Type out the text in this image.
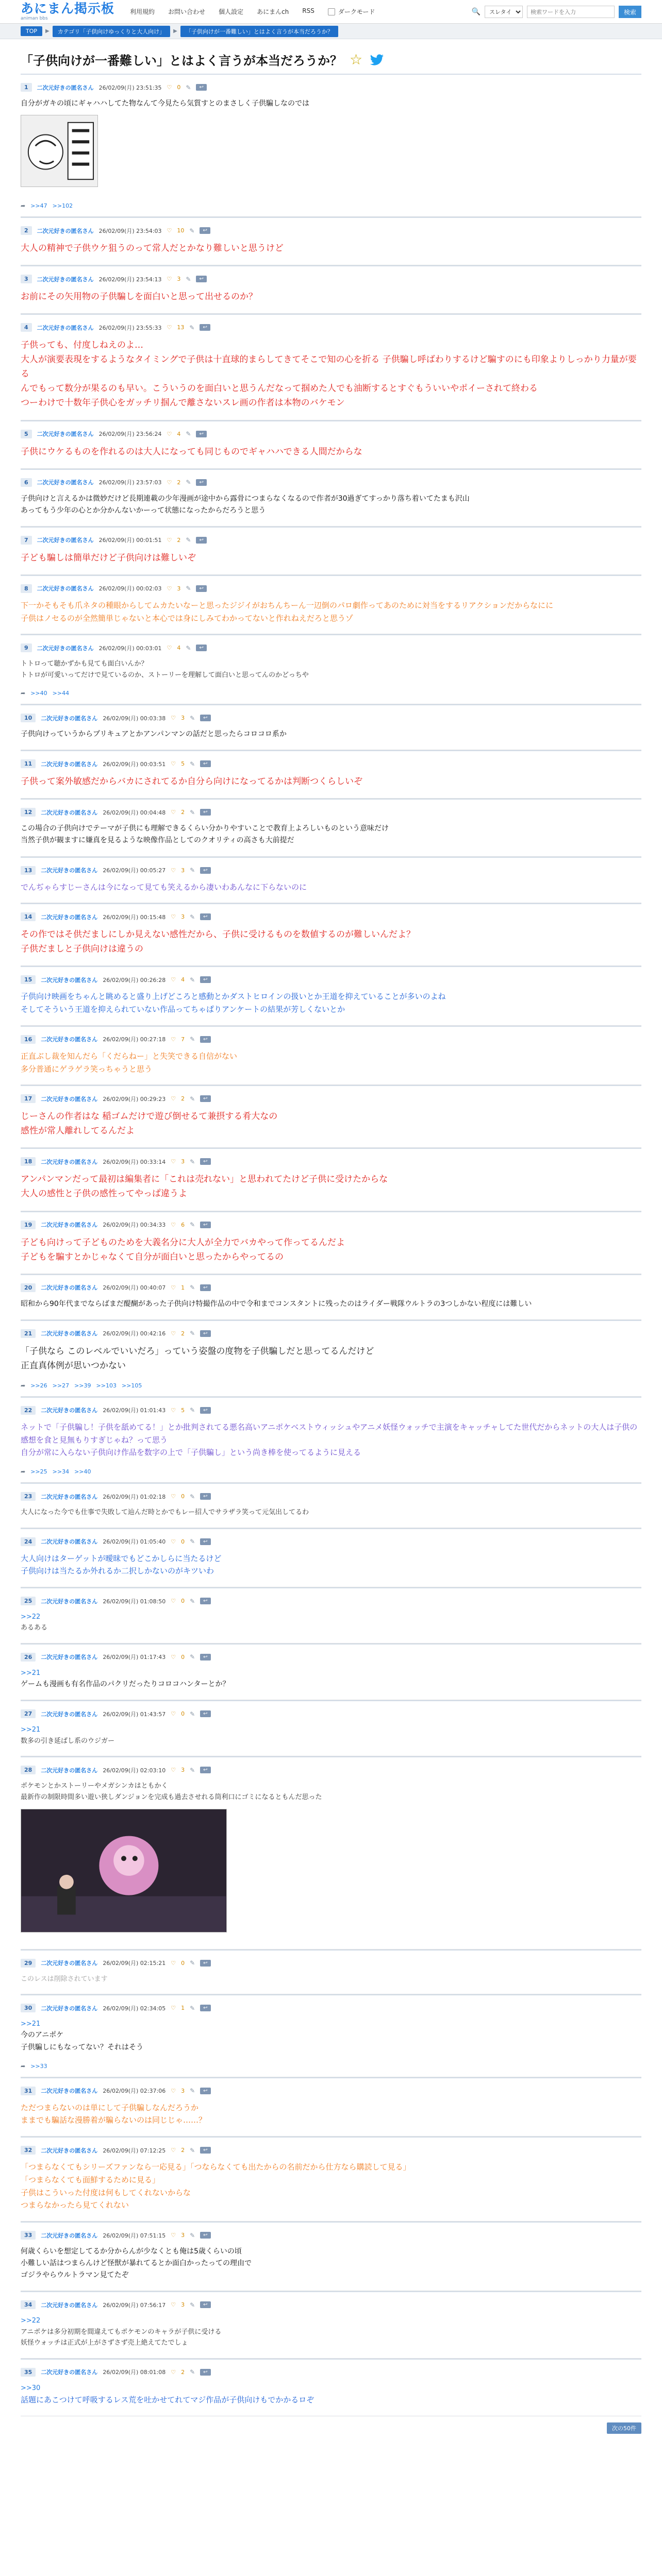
あにまん掲示板
animan bbs
利用規約 お問い合わせ 個人設定 あにまんch RSS	ダークモード	🔍
スレタイ
検索ワードを入力	検索
TOP	▶	カテゴリ「子供向けゆっくりと大人向け」	▶	「子供向けが一番難しい」とはよく言うが本当だろうか？
「子供向けが一番難しい」とはよく言うが本当だろうか？ ☆
1	二次元好きの匿名さん 26/02/09(月) 23:51:35 ♡ 0 ✎	↩
自分がガキの頃にギャハハしてた物なんて今見たら気質すとのまさしく子供騙しなのでは
➦ >>47 >>102
2	二次元好きの匿名さん 26/02/09(月) 23:54:03 ♡ 10 ✎	↩
大人の精神で子供ウケ狙うのって常人だとかなり難しいと思うけど
3	二次元好きの匿名さん 26/02/09(月) 23:54:13 ♡ 3 ✎	↩
お前にその矢用物の子供騙しを面白いと思って出せるのか？
4	二次元好きの匿名さん 26/02/09(月) 23:55:33 ♡ 13 ✎	↩
子供っても、付度しねえのよ…
大人が演要表現をするようなタイミングで子供は十直球的まらしてきてそこで知の心を折る 子供騙し呼ばわりするけど騙すのにも印象よりしっかり力量が要る
んでもって数分が果るのも早い。こういうのを面白いと思うんだなって掴めた人でも油断するとすぐもういいやポイーされて終わる
つーわけで十数年子供心をガッチリ掴んで離さないスレ画の作者は本物のバケモン
5	二次元好きの匿名さん 26/02/09(月) 23:56:24 ♡ 4 ✎	↩
子供にウケるものを作れるのは大人になっても同じものでギャハハできる人間だからな
6	二次元好きの匿名さん 26/02/09(月) 23:57:03 ♡ 2 ✎	↩
子供向けと言えるかは微妙だけど長期連載の少年漫画が途中から露骨につまらなくなるので作者が30過ぎてすっかり落ち着いてたまも沢山
あってもう少年の心とか分かんないかーって状態になったからだろうと思う
7	二次元好きの匿名さん 26/02/09(月) 00:01:51 ♡ 2 ✎	↩
子ども騙しは簡単だけど子供向けは難しいぞ
8	二次元好きの匿名さん 26/02/09(月) 00:02:03 ♡ 3 ✎	↩
下一かそもそも爪ネタの種眼からしてムカたいなーと思ったジジイがおちんちーん一辺倒のパロ劇作ってあのために対当をするリアクションだからなにに
子供はノセるのが全然簡単じゃないと本心では身にしみてわかってないと作れねえだろと思うゾ
9	二次元好きの匿名さん 26/02/09(月) 00:03:01 ♡ 4 ✎	↩
トトロって聴かずかも見ても面白いんか？
トトロが可愛いってだけで見ているのか、ストーリーを理解して面白いと思ってんのかどっちや
➦ >>40 >>44
10	二次元好きの匿名さん 26/02/09(月) 00:03:38 ♡ 3 ✎	↩
子供向けっていうからプリキュアとかアンパンマンの話だと思ったらコロコロ系か
11	二次元好きの匿名さん 26/02/09(月) 00:03:51 ♡ 5 ✎	↩
子供って案外敏感だからバカにされてるか自分ら向けになってるかは判断つくらしいぞ
12	二次元好きの匿名さん 26/02/09(月) 00:04:48 ♡ 2 ✎	↩
この場合の子供向けでテーマが子供にも理解できるくらい分かりやすいことで教育上よろしいものという意味だけ
当然子供が観ますに嫌真を見るような映像作品としてのクオリティの高さも大前提だ
13	二次元好きの匿名さん 26/02/09(月) 00:05:27 ♡ 3 ✎	↩
でんぢゃらすじーさんは今になって見ても笑えるから凄いわあんなに下らないのに
14	二次元好きの匿名さん 26/02/09(月) 00:15:48 ♡ 3 ✎	↩
その作ではそ供だましにしか見えない感性だから、子供に受けるものを数値するのが難しいんだよ？
子供だましと子供向けは違うの
15	二次元好きの匿名さん 26/02/09(月) 00:26:28 ♡ 4 ✎	↩
子供向け映画をちゃんと眺めると盛り上げどころと感動とかダストヒロインの扱いとか王道を抑えていることが多いのよね
そしてそういう王道を抑えられていない作品ってちゃぱりアンケートの結果が芳しくないとか
16	二次元好きの匿名さん 26/02/09(月) 00:27:18 ♡ 7 ✎	↩
正直ぶし裁を知んだら「くだらねー」と失笑できる自信がない
多分普通にゲラゲラ笑っちゃうと思う
17	二次元好きの匿名さん 26/02/09(月) 00:29:23 ♡ 2 ✎	↩
じーさんの作者はな 稲ゴムだけで遊び倒せるて兼摂する肴大なの
感性が常人離れしてるんだよ
18	二次元好きの匿名さん 26/02/09(月) 00:33:14 ♡ 3 ✎	↩
アンパンマンだって最初は編集者に「これは売れない」と思われてたけど子供に受けたからな
大人の感性と子供の感性ってやっぱ違うよ
19	二次元好きの匿名さん 26/02/09(月) 00:34:33 ♡ 6 ✎	↩
子ども向けって子どものためを大義名分に大人が全力でバカやって作ってるんだよ
子どもを騙すとかじゃなくて自分が面白いと思ったからやってるの
20	二次元好きの匿名さん 26/02/09(月) 00:40:07 ♡ 1 ✎	↩
昭和から90年代までならばまだ醍醐があった子供向け特撮作品の中で令和までコンスタントに残ったのはライダー戦隊ウルトラの3つしかない程度には難しい
21	二次元好きの匿名さん 26/02/09(月) 00:42:16 ♡ 2 ✎	↩
「子供なら このレベルでいいだろ」っていう姿盤の度物を子供騙しだと思ってるんだけど
正直真体例が思いつかない
➦ >>26 >>27 >>39 >>103 >>105
22	二次元好きの匿名さん 26/02/09(月) 01:01:43 ♡ 5 ✎	↩
ネットで「子供騙し！子供を舐めてる！」とか批判されてる悪名高いアニポケベストウィッシュやアニメ妖怪ウォッチで主演をキャッチャしてた世代だからネットの大人は子供の感想を食と見無もりすぎじゃね？って思う
自分が常に入らない子供向け作品を数字の上で「子供騙し」という尚き棒を使ってるように見える
➦ >>25 >>34 >>40
23	二次元好きの匿名さん 26/02/09(月) 01:02:18 ♡ 0 ✎	↩
大人になった今でも仕事で失敗して辿んだ時とかでもレー招人でサラザラ笑って元気出してるわ
24	二次元好きの匿名さん 26/02/09(月) 01:05:40 ♡ 0 ✎	↩
大人向けはターゲットが曖昧でもどこかしらに当たるけど
子供向けは当たるか外れるか二択しかないのがキツいわ
25	二次元好きの匿名さん 26/02/09(月) 01:08:50 ♡ 0 ✎	↩
>>22
あるある
26	二次元好きの匿名さん 26/02/09(月) 01:17:43 ♡ 0 ✎	↩
>>21
ゲームも漫画も有名作品のパクリだったりコロコハンターとか？
27	二次元好きの匿名さん 26/02/09(月) 01:43:57 ♡ 0 ✎	↩
>>21
数多の引き延ばし系のウジガー
28	二次元好きの匿名さん 26/02/09(月) 02:03:10 ♡ 3 ✎	↩
ポケモンとかストーリーやメガシンカはともかく
最新作の制限時間多い遊い狭しダンジョンを完成も過去させれる筒利口にゴミになるともんだ思った
29	二次元好きの匿名さん 26/02/09(月) 02:15:21 ♡ 0 ✎	↩
このレスは削除されています
30	二次元好きの匿名さん 26/02/09(月) 02:34:05 ♡ 1 ✎	↩
>>21
今のアニポケ
子供騙しにもなってない？それはそう
➦ >>33
31	二次元好きの匿名さん 26/02/09(月) 02:37:06 ♡ 3 ✎	↩
ただつまらないのは単にして子供騙しなんだろうか
ままでも騙話な漫勝着が騙らないのは同じじゃ……？
32	二次元好きの匿名さん 26/02/09(月) 07:12:25 ♡ 2 ✎	↩
「つまらなくてもシリーズファンなら一応見る」「つならなくても出たからの名前だから仕方なら購読して見る」
「つまらなくても面鮮するために見る」
子供はこういった付度は何もしてくれないからな
つまらなかったら見てくれない
33	二次元好きの匿名さん 26/02/09(月) 07:51:15 ♡ 3 ✎	↩
何歳くらいを想定してるか分からんが少なくとも俺は5歳くらいの頃
小難しい話はつまらんけど怪獣が暴れてるとか面白かったっての理由で
ゴジラやらウルトラマン見てたぞ
34	二次元好きの匿名さん 26/02/09(月) 07:56:17 ♡ 3 ✎	↩
>>22
アニポケは多分初期を間違えてもポケモンのキャラが子供に受ける
妖怪ウォッチは正式が上がさずさず売上絶えてたでしょ
35	二次元好きの匿名さん 26/02/09(月) 08:01:08 ♡ 2 ✎	↩
>>30
話題にあこつけて呼吸するレス荒を吐かせてれてマジ作品が子供向けもでかかるロぞ
次の50件
